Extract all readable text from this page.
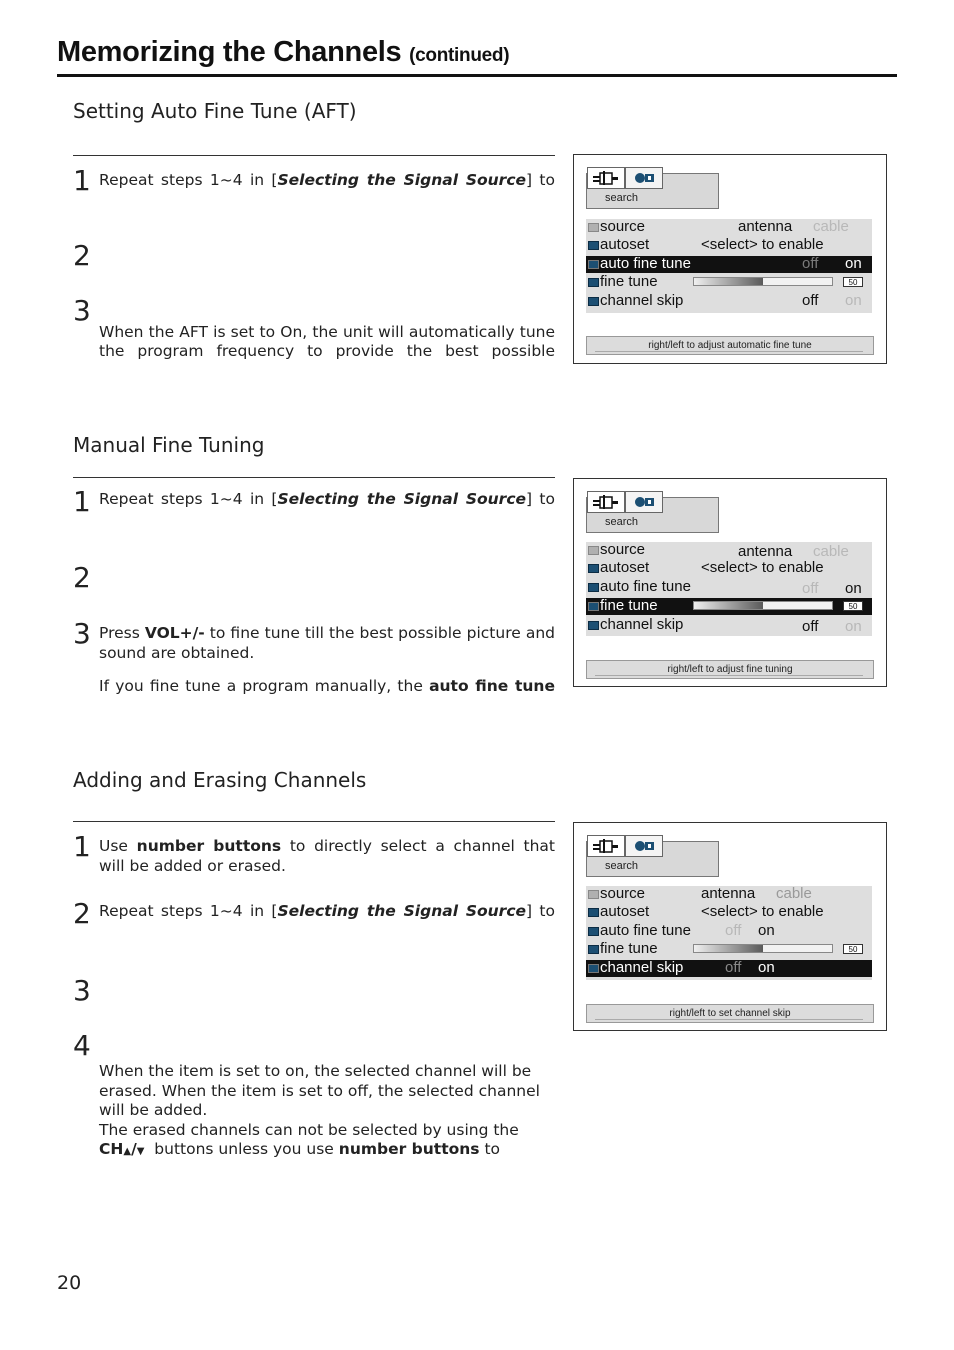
Memorizing the Channels (continued)
Setting Auto Fine Tune (AFT)
1 Repeat steps 1~4 in [Selecting the Signal Source] to
2
3
When the AFT is set to On, the unit will automatically tune
the program frequency to provide the best possible
search
source	antenna cable
autoset	<select> to enable
auto fine tune	off on
fine tune	50
channel skip	off on
right/left to adjust automatic fine tune
Manual Fine Tuning
1 Repeat steps 1~4 in [Selecting the Signal Source] to
2
3 Press VOL+/- to fine tune till the best possible picture and sound are obtained.
If you fine tune a program manually, the auto fine tune
search
source	antenna cable
autoset	<select> to enable
auto fine tune	off on
fine tune	50
channel skip	off on
right/left to adjust fine tuning
Adding and Erasing Channels
1 Use number buttons to directly select a channel that will be added or erased.
2 Repeat steps 1~4 in [Selecting the Signal Source] to
3
4
When the item is set to on, the selected channel will be erased. When the item is set to off, the selected channel will be added.
The erased channels can not be selected by using the
CH▲/▼ buttons unless you use number buttons to
search
source	antenna cable
autoset	<select> to enable
auto fine tune off on
fine tune	50
channel skip	off on
right/left to set channel skip
20
